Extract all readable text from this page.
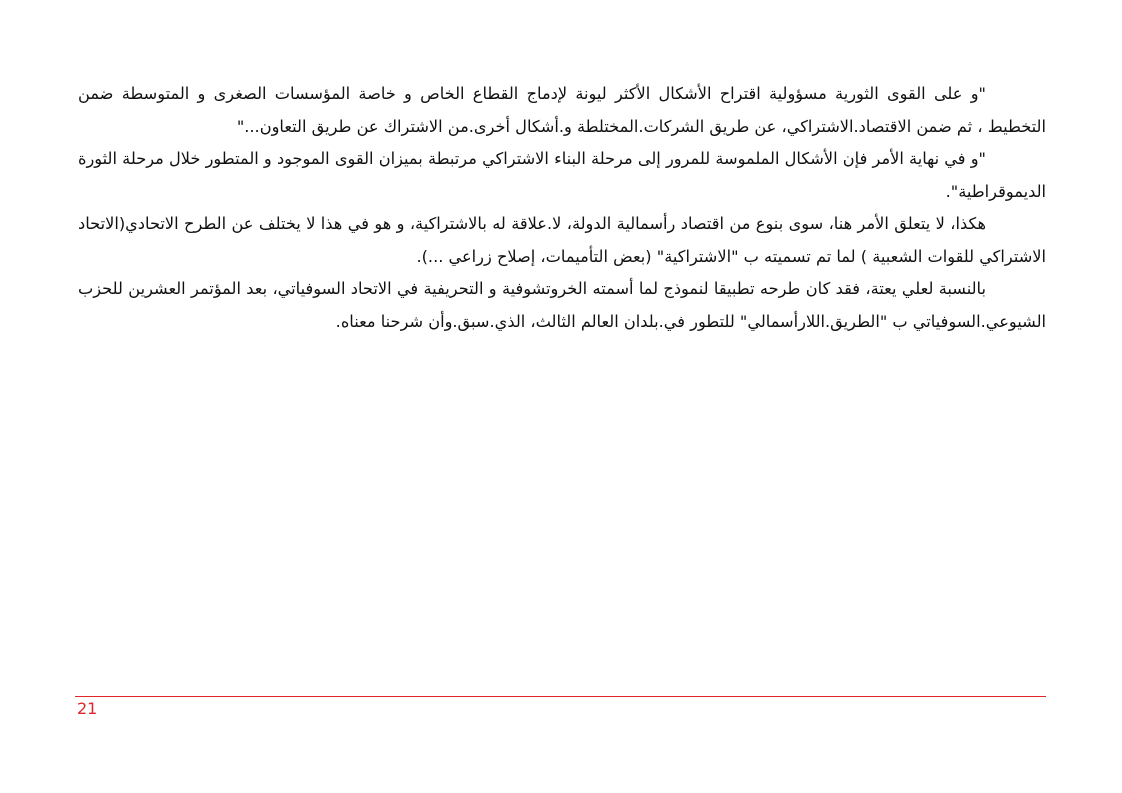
"و على القوى الثورية مسؤولية اقتراح الأشكال الأكثر ليونة لإدماج القطاع الخاص و خاصة المؤسسات الصغرى و المتوسطة ضمن التخطيط ، ثم ضمن الاقتصاد.الاشتراكي، عن طريق الشركات.المختلطة و.أشكال أخرى.من الاشتراك عن طريق التعاون..."

"و في نهاية الأمر فإن الأشكال الملموسة للمرور إلى مرحلة البناء الاشتراكي مرتبطة بميزان القوى الموجود و المتطور خلال مرحلة الثورة الديموقراطية".

هكذا، لا يتعلق الأمر هنا، سوى بنوع من اقتصاد رأسمالية الدولة، لا.علاقة له بالاشتراكية، و هو في هذا لا يختلف عن الطرح الاتحادي(الاتحاد الاشتراكي للقوات الشعبية ) لما تم تسميته ب "الاشتراكية" (بعض التأميمات، إصلاح زراعي ...).

بالنسبة لعلي يعتة، فقد كان طرحه تطبيقا لنموذج لما أسمته الخروتشوفية و التحريفية في الاتحاد السوفياتي، بعد المؤتمر العشرين للحزب الشيوعي.السوفياتي ب "الطريق.اللارأسمالي" للتطور في.بلدان العالم الثالث، الذي.سبق.وأن شرحنا معناه.

21
